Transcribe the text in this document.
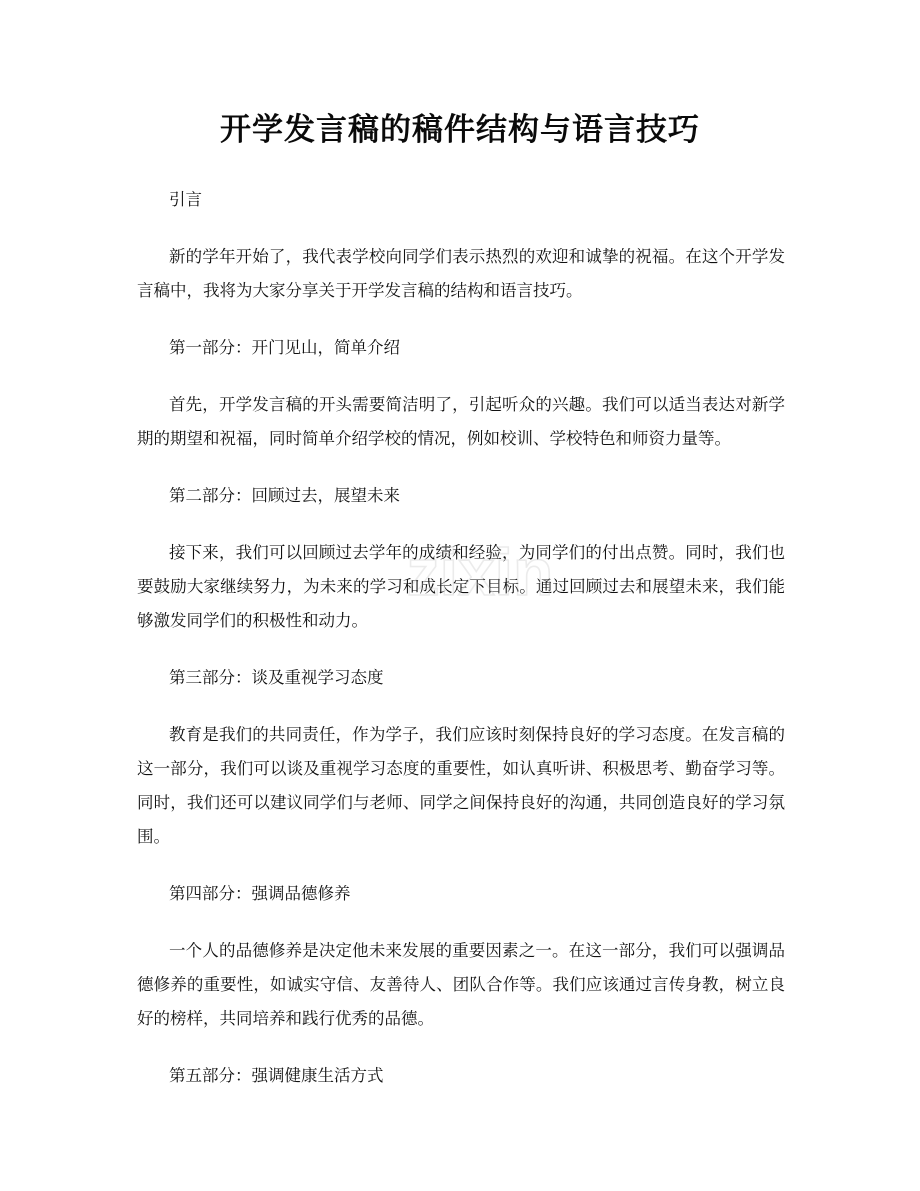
开学发言稿的稿件结构与语言技巧

引言

新的学年开始了，我代表学校向同学们表示热烈的欢迎和诚挚的祝福。在这个开学发言稿中，我将为大家分享关于开学发言稿的结构和语言技巧。

第一部分：开门见山，简单介绍

首先，开学发言稿的开头需要简洁明了，引起听众的兴趣。我们可以适当表达对新学期的期望和祝福，同时简单介绍学校的情况，例如校训、学校特色和师资力量等。

第二部分：回顾过去，展望未来

接下来，我们可以回顾过去学年的成绩和经验，为同学们的付出点赞。同时，我们也要鼓励大家继续努力，为未来的学习和成长定下目标。通过回顾过去和展望未来，我们能够激发同学们的积极性和动力。

第三部分：谈及重视学习态度

教育是我们的共同责任，作为学子，我们应该时刻保持良好的学习态度。在发言稿的这一部分，我们可以谈及重视学习态度的重要性，如认真听讲、积极思考、勤奋学习等。同时，我们还可以建议同学们与老师、同学之间保持良好的沟通，共同创造良好的学习氛围。

第四部分：强调品德修养

一个人的品德修养是决定他未来发展的重要因素之一。在这一部分，我们可以强调品德修养的重要性，如诚实守信、友善待人、团队合作等。我们应该通过言传身教，树立良好的榜样，共同培养和践行优秀的品德。

第五部分：强调健康生活方式

zixin
